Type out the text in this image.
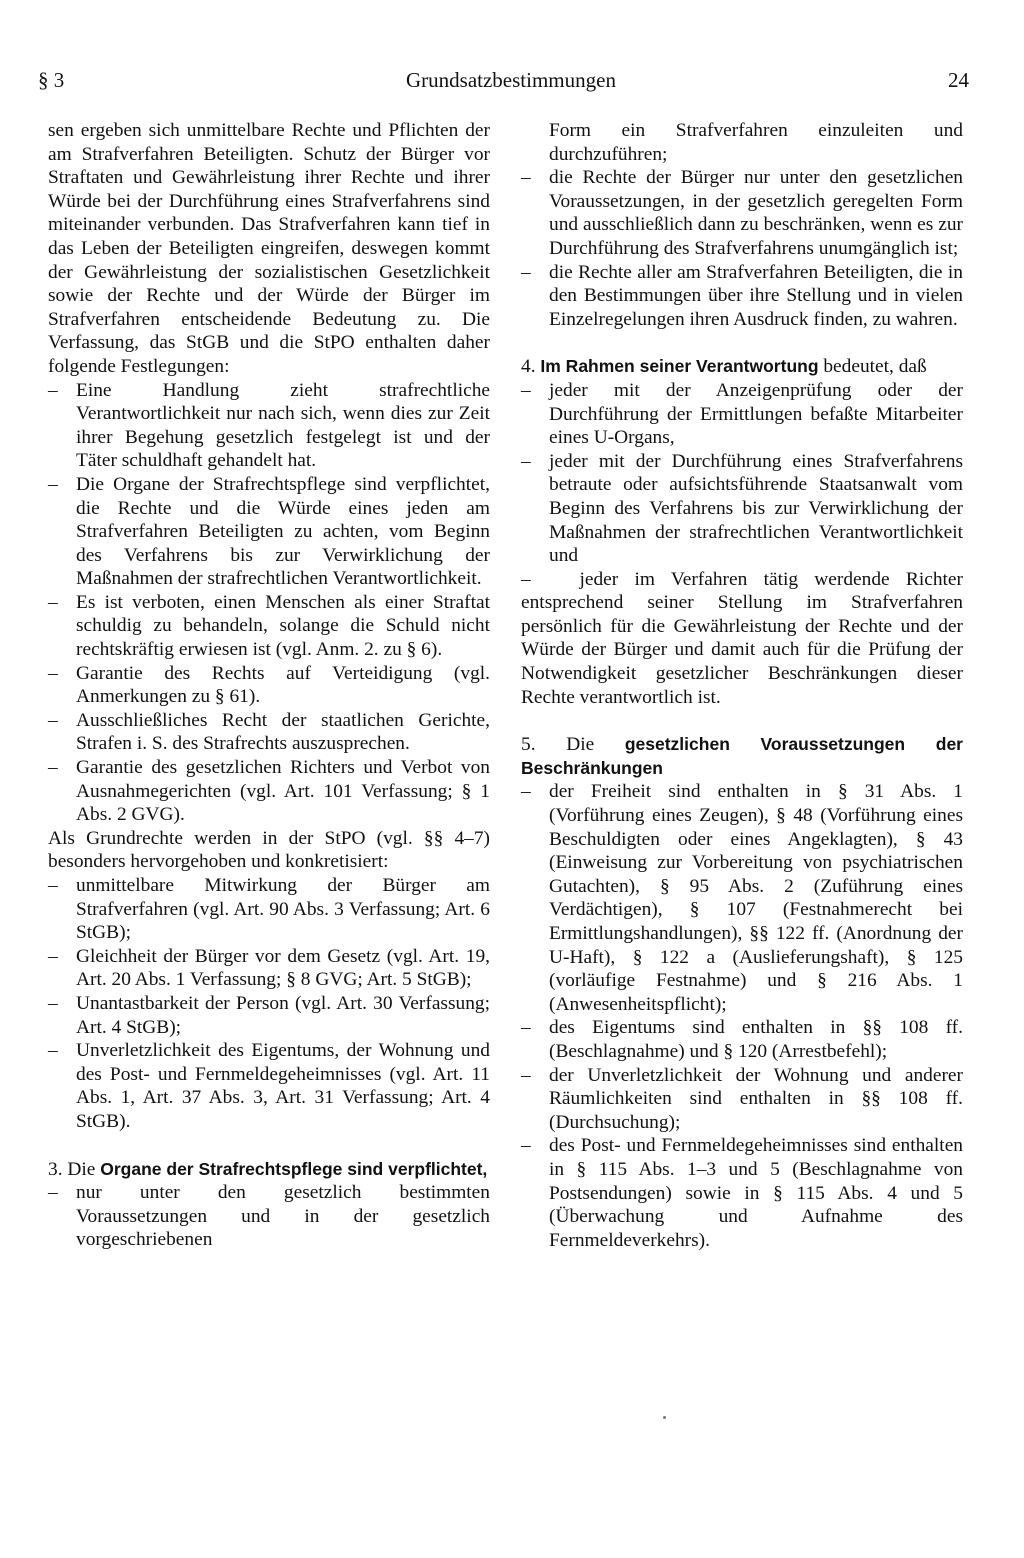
§ 3	Grundsatzbestimmungen	24

sen ergeben sich unmittelbare Rechte und Pflichten der am Strafverfahren Beteiligten. Schutz der Bürger vor Straftaten und Gewährleistung ihrer Rechte und ihrer Würde bei der Durchführung eines Strafverfahrens sind miteinander verbunden. Das Strafverfahren kann tief in das Leben der Beteiligten eingreifen, deswegen kommt der Gewährleistung der sozialistischen Gesetzlichkeit sowie der Rechte und der Würde der Bürger im Strafverfahren entscheidende Bedeutung zu. Die Verfassung, das StGB und die StPO enthalten daher folgende Festlegungen:

– Eine Handlung zieht strafrechtliche Verantwortlichkeit nur nach sich, wenn dies zur Zeit ihrer Begehung gesetzlich festgelegt ist und der Täter schuldhaft gehandelt hat.

– Die Organe der Strafrechtspflege sind verpflichtet, die Rechte und die Würde eines jeden am Strafverfahren Beteiligten zu achten, vom Beginn des Verfahrens bis zur Verwirklichung der Maßnahmen der strafrechtlichen Verantwortlichkeit.

– Es ist verboten, einen Menschen als einer Straftat schuldig zu behandeln, solange die Schuld nicht rechtskräftig erwiesen ist (vgl. Anm. 2. zu § 6).

– Garantie des Rechts auf Verteidigung (vgl. Anmerkungen zu § 61).

– Ausschließliches Recht der staatlichen Gerichte, Strafen i. S. des Strafrechts auszusprechen.

– Garantie des gesetzlichen Richters und Verbot von Ausnahmegerichten (vgl. Art. 101 Verfassung; § 1 Abs. 2 GVG).

Als Grundrechte werden in der StPO (vgl. §§ 4–7) besonders hervorgehoben und konkretisiert:

– unmittelbare Mitwirkung der Bürger am Strafverfahren (vgl. Art. 90 Abs. 3 Verfassung; Art. 6 StGB);

– Gleichheit der Bürger vor dem Gesetz (vgl. Art. 19, Art. 20 Abs. 1 Verfassung; § 8 GVG; Art. 5 StGB);

– Unantastbarkeit der Person (vgl. Art. 30 Verfassung; Art. 4 StGB);

– Unverletzlichkeit des Eigentums, der Wohnung und des Post- und Fernmeldegeheimnisses (vgl. Art. 11 Abs. 1, Art. 37 Abs. 3, Art. 31 Verfassung; Art. 4 StGB).

3. Die Organe der Strafrechtspflege sind verpflichtet,

– nur unter den gesetzlich bestimmten Voraussetzungen und in der gesetzlich vorgeschriebenen

Form ein Strafverfahren einzuleiten und durchzuführen;

– die Rechte der Bürger nur unter den gesetzlichen Voraussetzungen, in der gesetzlich geregelten Form und ausschließlich dann zu beschränken, wenn es zur Durchführung des Strafverfahrens unumgänglich ist;

– die Rechte aller am Strafverfahren Beteiligten, die in den Bestimmungen über ihre Stellung und in vielen Einzelregelungen ihren Ausdruck finden, zu wahren.

4. Im Rahmen seiner Verantwortung bedeutet, daß

– jeder mit der Anzeigenprüfung oder der Durchführung der Ermittlungen befaßte Mitarbeiter eines U-Organs,

– jeder mit der Durchführung eines Strafverfahrens betraute oder aufsichtsführende Staatsanwalt vom Beginn des Verfahrens bis zur Verwirklichung der Maßnahmen der strafrechtlichen Verantwortlichkeit und

–   jeder im Verfahren tätig werdende Richter entsprechend seiner Stellung im Strafverfahren persönlich für die Gewährleistung der Rechte und der Würde der Bürger und damit auch für die Prüfung der Notwendigkeit gesetzlicher Beschränkungen dieser Rechte verantwortlich ist.

5. Die gesetzlichen Voraussetzungen der Beschränkungen

– der Freiheit sind enthalten in § 31 Abs. 1 (Vorführung eines Zeugen), § 48 (Vorführung eines Beschuldigten oder eines Angeklagten), § 43 (Einweisung zur Vorbereitung von psychiatrischen Gutachten), § 95 Abs. 2 (Zuführung eines Verdächtigen), § 107 (Festnahmerecht bei Ermittlungshandlungen), §§ 122 ff. (Anordnung der U-Haft), § 122 a (Auslieferungshaft), § 125 (vorläufige Festnahme) und § 216 Abs. 1 (Anwesenheitspflicht);

– des Eigentums sind enthalten in §§ 108 ff. (Beschlagnahme) und § 120 (Arrestbefehl);

– der Unverletzlichkeit der Wohnung und anderer Räumlichkeiten sind enthalten in §§ 108 ff. (Durchsuchung);

– des Post- und Fernmeldegeheimnisses sind enthalten in § 115 Abs. 1–3 und 5 (Beschlagnahme von Postsendungen) sowie in § 115 Abs. 4 und 5 (Überwachung und Aufnahme des Fernmeldeverkehrs).
